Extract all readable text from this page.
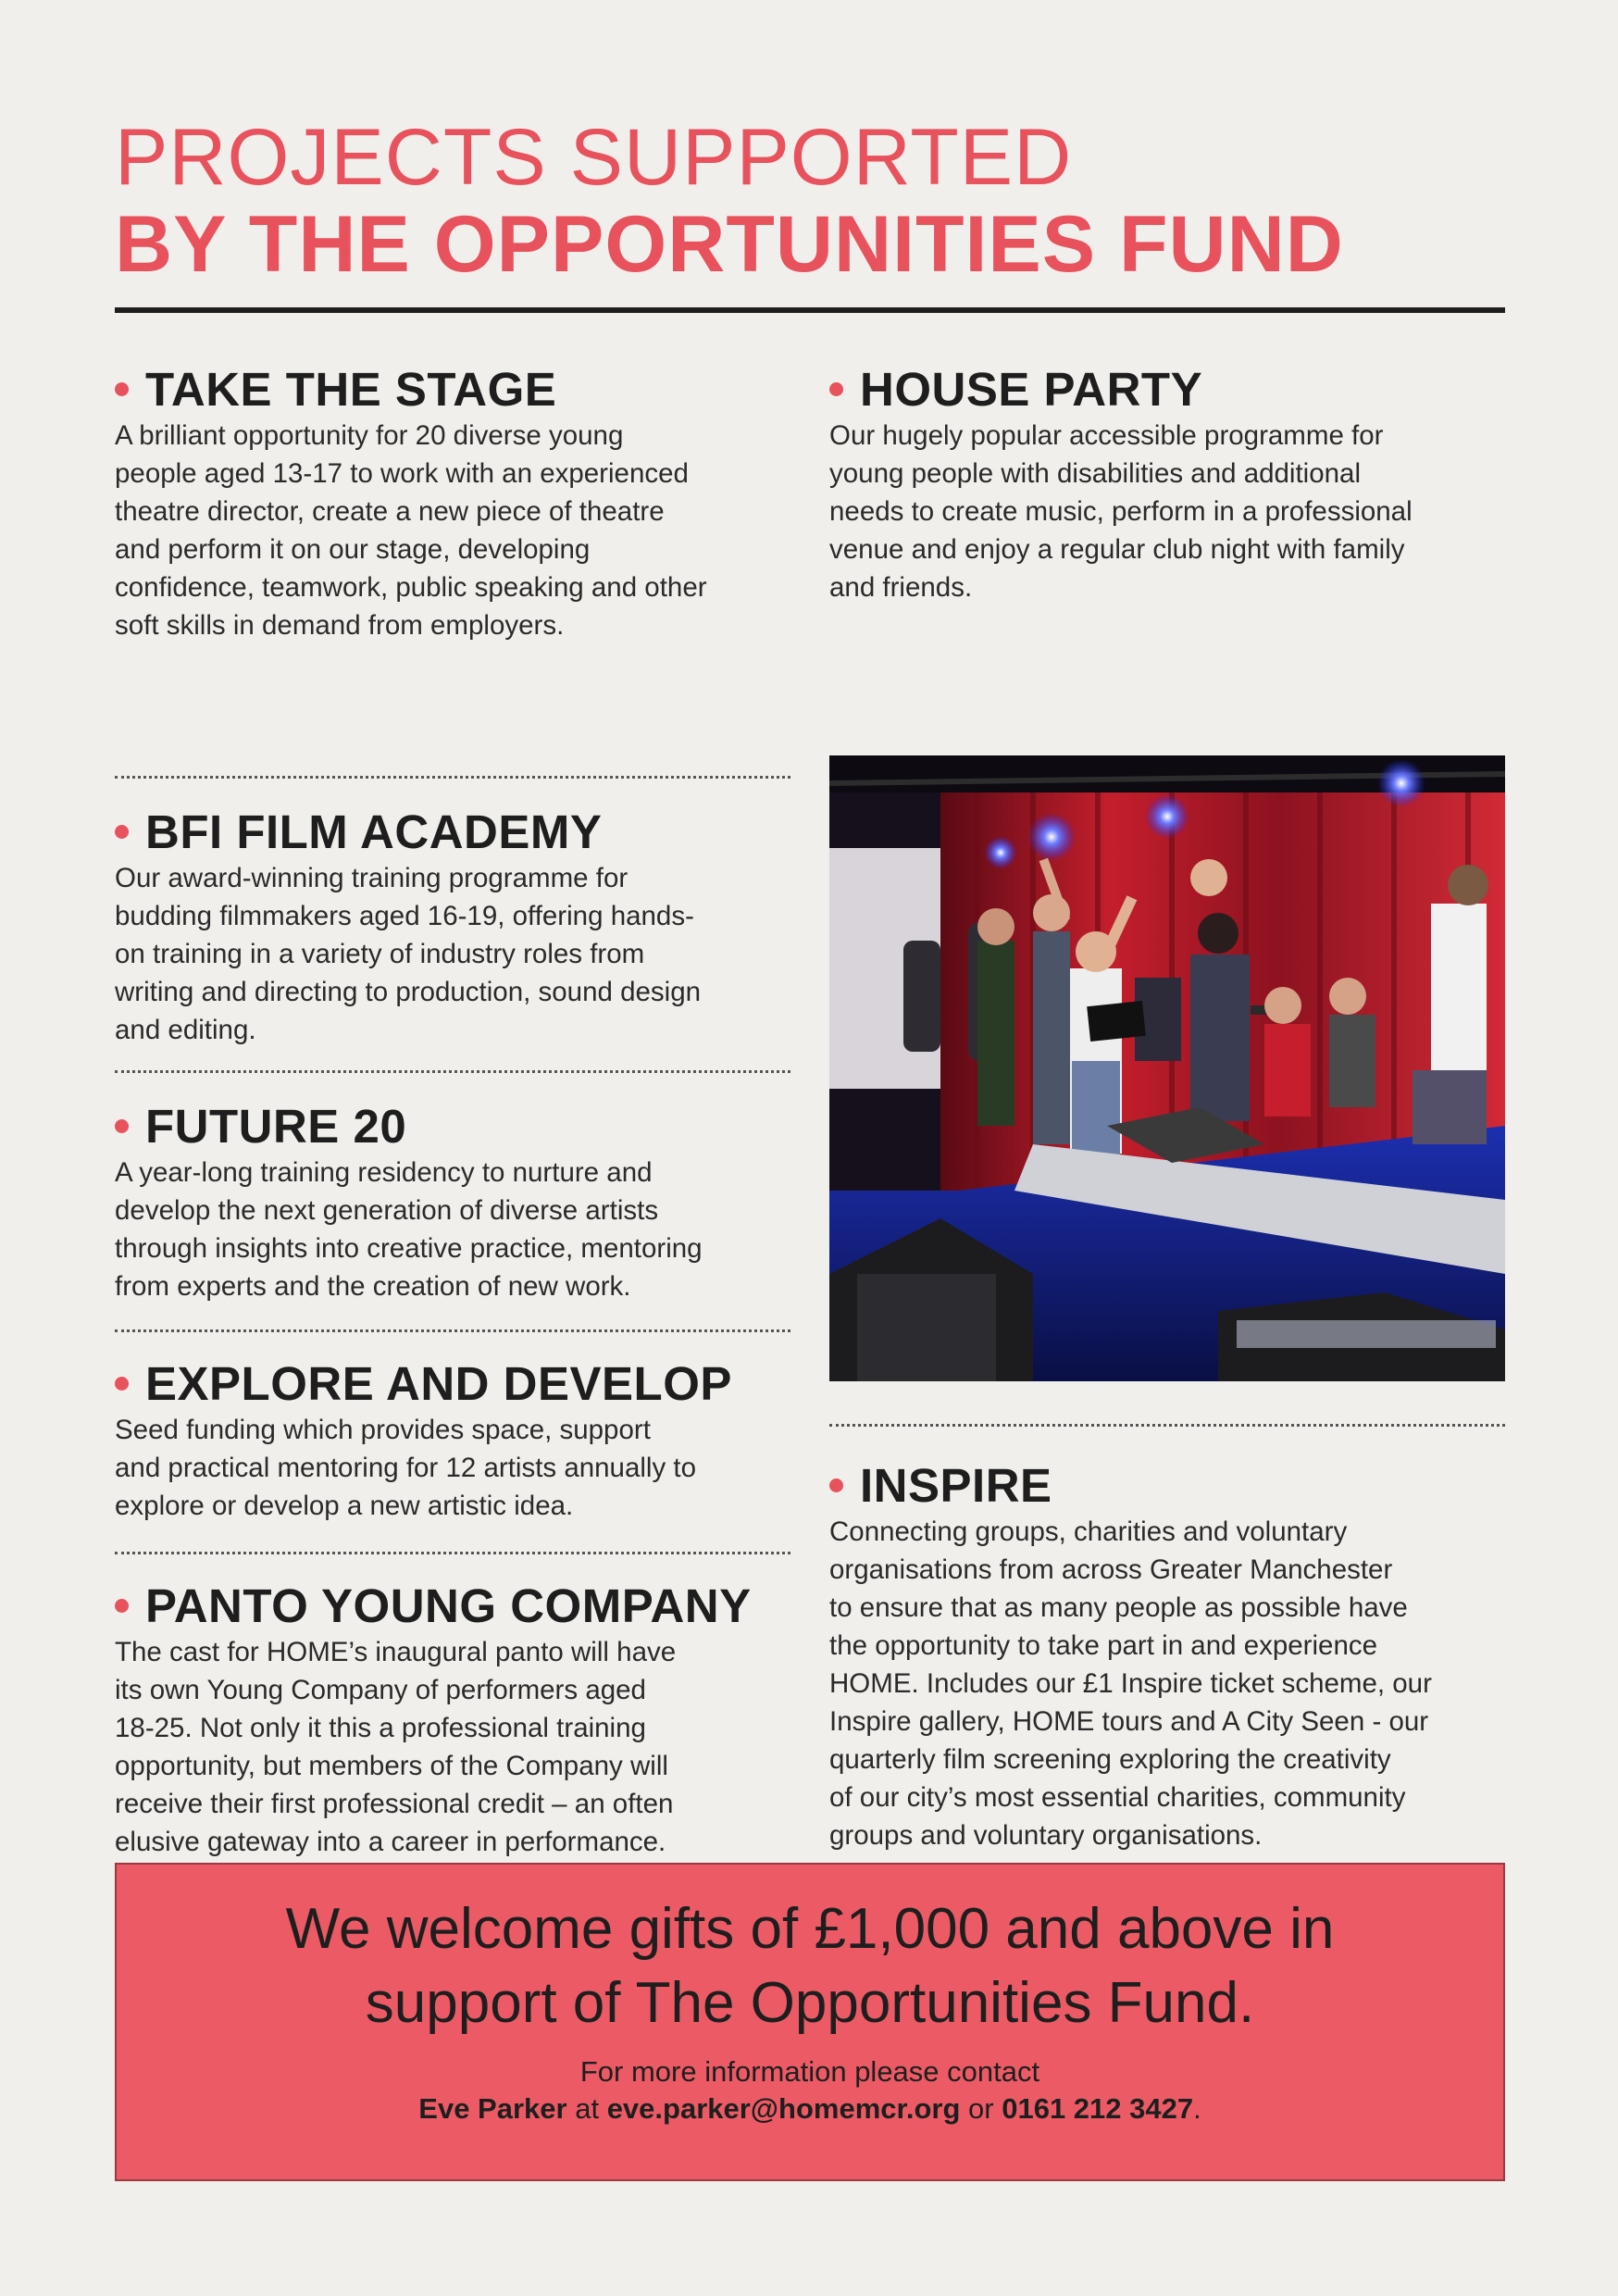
PROJECTS SUPPORTED
BY THE OPPORTUNITIES FUND
TAKE THE STAGE
A brilliant opportunity for 20 diverse young
people aged 13-17 to work with an experienced
theatre director, create a new piece of theatre
and perform it on our stage, developing
confidence, teamwork, public speaking and other
soft skills in demand from employers.
BFI FILM ACADEMY
Our award-winning training programme for
budding filmmakers aged 16-19, offering hands-
on training in a variety of industry roles from
writing and directing to production, sound design
and editing.
FUTURE 20
A year-long training residency to nurture and
develop the next generation of diverse artists
through insights into creative practice, mentoring
from experts and the creation of new work.
EXPLORE AND DEVELOP
Seed funding which provides space, support
and practical mentoring for 12 artists annually to
explore or develop a new artistic idea.
PANTO YOUNG COMPANY
The cast for HOME’s inaugural panto will have
its own Young Company of performers aged
18-25. Not only it this a professional training
opportunity, but members of the Company will
receive their first professional credit – an often
elusive gateway into a career in performance.
HOUSE PARTY
Our hugely popular accessible programme for
young people with disabilities and additional
needs to create music, perform in a professional
venue and enjoy a regular club night with family
and friends.
INSPIRE
Connecting groups, charities and voluntary
organisations from across Greater Manchester
to ensure that as many people as possible have
the opportunity to take part in and experience
HOME. Includes our £1 Inspire ticket scheme, our
Inspire gallery, HOME tours and A City Seen - our
quarterly film screening exploring the creativity
of our city’s most essential charities, community
groups and voluntary organisations.
We welcome gifts of £1,000 and above in
support of The Opportunities Fund.
For more information please contact
Eve Parker at eve.parker@homemcr.org or 0161 212 3427.
